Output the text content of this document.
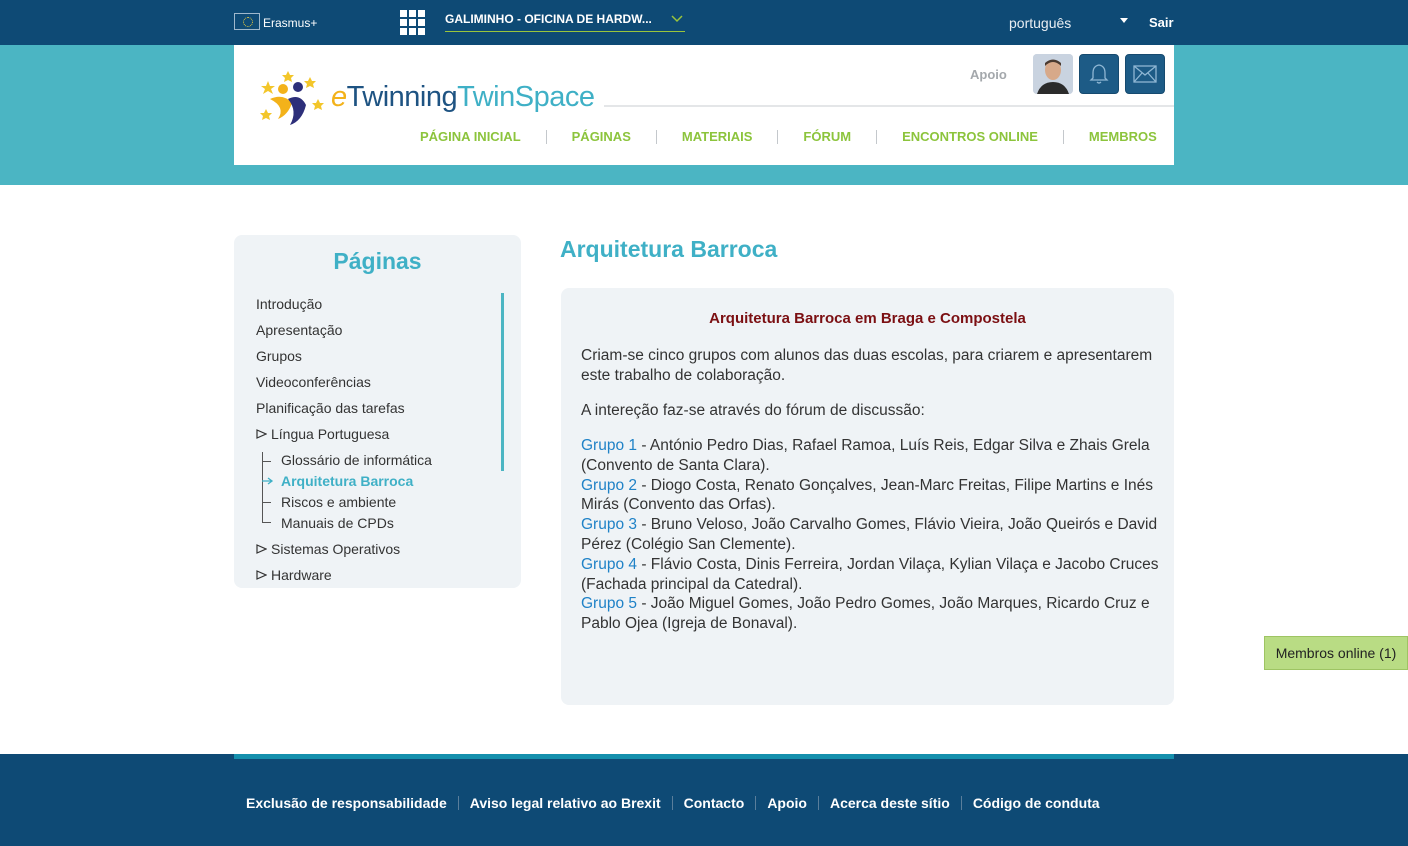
Erasmus+	GALIMINHO - OFICINA DE HARDW...	português	Sair
eTwinningTwinSpace
Apoio
PÁGINA INICIAL	PÁGINAS	MATERIAIS	FÓRUM	ENCONTROS ONLINE	MEMBROS
Páginas
Introdução
Apresentação
Grupos
Videoconferências
Planificação das tarefas
Língua Portuguesa
Glossário de informática
Arquitetura Barroca
Riscos e ambiente
Manuais de CPDs
Sistemas Operativos
Hardware
Arquitetura Barroca
Arquitetura Barroca em Braga e Compostela

Criam-se cinco grupos com alunos das duas escolas, para criarem e apresentarem este trabalho de colaboração.

A intereção faz-se através do fórum de discussão:

Grupo 1 - António Pedro Dias, Rafael Ramoa, Luís Reis, Edgar Silva e Zhais Grela (Convento de Santa Clara).
Grupo 2 - Diogo Costa, Renato Gonçalves, Jean-Marc Freitas, Filipe Martins e Inés Mirás (Convento das Orfas).
Grupo 3 - Bruno Veloso, João Carvalho Gomes, Flávio Vieira, João Queirós e David Pérez (Colégio San Clemente).
Grupo 4 - Flávio Costa, Dinis Ferreira, Jordan Vilaça, Kylian Vilaça e Jacobo Cruces (Fachada principal da Catedral).
Grupo 5 - João Miguel Gomes, João Pedro Gomes, João Marques, Ricardo Cruz e Pablo Ojea (Igreja de Bonaval).
Membros online (1)
Exclusão de responsabilidade Aviso legal relativo ao Brexit Contacto Apoio Acerca deste sítio Código de conduta
